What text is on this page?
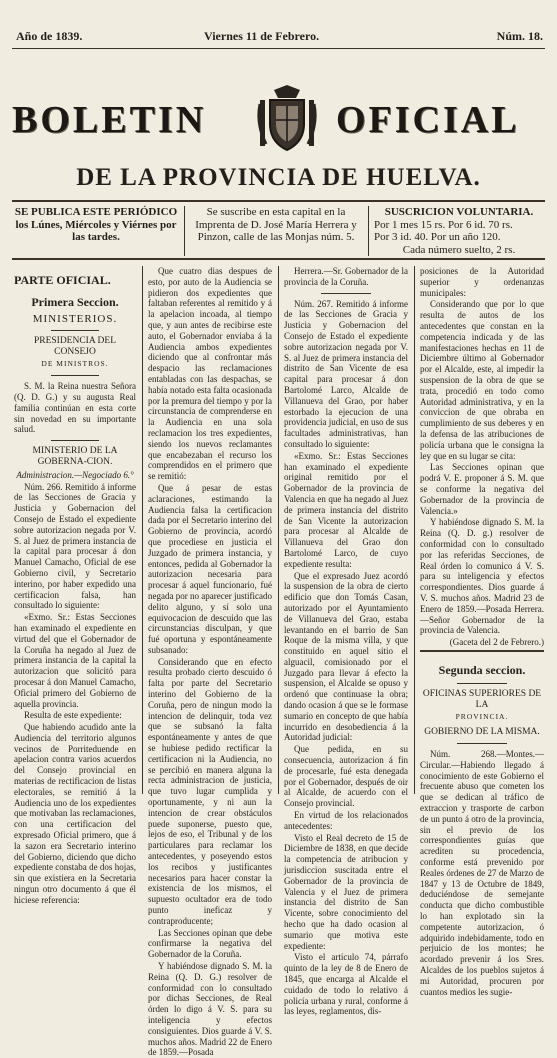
Año de 1839.	Viernes 11 de Febrero.	Núm. 18.
BOLETIN	OFICIAL
DE LA PROVINCIA DE HUELVA.
SE PUBLICA ESTE PERIÓDICO los Lúnes, Miércoles y Viérnes por las tardes.
Se suscribe en esta capital en la Imprenta de D. José María Herrera y Pinzon, calle de las Monjas núm. 5.
SUSCRICION VOLUNTARIA.
Por 1 mes 15 rs. Por 6 id. 70 rs.
Por 3 id. 40. Por un año 120.
Cada número suelto, 2 rs.
PARTE OFICIAL.
Primera Seccion.
MINISTERIOS.
PRESIDENCIA DEL CONSEJO
DE MINISTROS.

S. M. la Reina nuestra Señora (Q. D. G.) y su augusta Real familia continúan en esta corte sin novedad en su importante salud.

MINISTERIO DE LA GOBERNA-CION.

Administracion.—Negociado 6.°

Núm. 266. Remitido á informe de las Secciones de Gracia y Justicia y Gobernacion del Consejo de Estado el expediente sobre autorizacion negada por V. S. al Juez de primera instancia de la capital para procesar á don Manuel Camacho, Oficial de ese Gobierno civil, y Secretario interino, por haber expedido una certificacion falsa, han consultado lo siguiente:

«Exmo. Sr.: Estas Secciones han examinado el expediente en virtud del que el Gobernador de la Coruña ha negado al Juez de primera instancia de la capital la autorizacion que solicitó para procesar á don Manuel Camacho, Oficial primero del Gobierno de aquella provincia.

Resulta de este expediente:

Que habiendo acudido ante la Audiencia del territorio algunos vecinos de Porriteduende en apelacion contra varios acuerdos del Consejo provincial en materias de rectificacion de listas electorales, se remitió á la Audiencia uno de los expedientes que motivaban las reclamaciones, con una certificacion del expresado Oficial primero, que á la sazon era Secretario interino del Gobierno, diciendo que dicho expediente constaba de dos hojas, sin que existiera en la Secretaria ningun otro documento á que él hiciese referencia:

Que cuatro dias despues de esto, por auto de la Audiencia se pidieron dos expedientes que faltaban referentes al remitido y á la apelacion incoada, al tiempo que, y aun antes de recibirse este auto, el Gobernador enviaba á la Audiencia ambos expedientes diciendo que al confrontar más despacio las reclamaciones entabladas con las despachas, se había notado esta falta ocasionada por la premura del tiempo y por la circunstancia de comprenderse en la Audiencia en una sola reclamacion los tres expedientes, siendo los nuevos reclamantes que encabezaban el recurso los comprendidos en el primero que se remitió:

Que á pesar de estas aclaraciones, estimando la Audiencia falsa la certificacion dada por el Secretario interino del Gobierno de provincia, acordó que procediese en justicia el Juzgado de primera instancia, y entonces, pedida al Gobernador la autorizacion necesaria para procesar á aquel funcionario, fué negada por no aparecer justificado delito alguno, y sí solo una equivocacion de descuido que las circunstancias disculpan, y que fué oportuna y espontáneamente subsanado:

Considerando que en efecto resulta probado cierto descuido ó falta por parte del Secretario interino del Gobierno de la Coruña, pero de ningun modo la intencion de delinquir, toda vez que se subsanó la falta espontáneamente y antes de que se hubiese pedido rectificar la certificacion ni la Audiencia, no se percibió en manera alguna la recta administracion de justicia, que tuvo lugar cumplida y oportunamente, y ni aun la intencion de crear obstáculos puede suponerse, puesto que, lejos de eso, el Tribunal y de los particulares para reclamar los antecedentes, y poseyendo estos los recibos y justificantes necesarios para hacer constar la existencia de los mismos, el supuesto ocultador era de todo punto ineficaz y contraproducente;

Las Secciones opinan que debe confirmarse la negativa del Gobernador de la Coruña.

Y habiéndose dignado S. M. la Reina (Q. D. G.) resolver de conformidad con lo consultado por dichas Secciones, de Real órden lo digo á V. S. para su inteligencia y efectos consiguientes. Dios guarde á V. S. muchos años. Madrid 22 de Enero de 1859.—Posada

Herrera.—Sr. Gobernador de la provincia de la Coruña.

Núm. 267. Remitido á informe de las Secciones de Gracia y Justicia y Gobernacion del Consejo de Estado el expediente sobre autorizacion negada por V. S. al Juez de primera instancia del distrito de San Vicente de esa capital para procesar á don Bartolomé Larco, Alcalde de Villanueva del Grao, por haber estorbado la ejecucion de una providencia judicial, en uso de sus facultades administrativas, han consultado lo siguiente:

«Exmo. Sr.: Estas Secciones han examinado el expediente original remitido por el Gobernador de la provincia de Valencia en que ha negado al Juez de primera instancia del distrito de San Vicente la autorizacion para procesar al Alcalde de Villanueva del Grao don Bartolomé Larco, de cuyo expediente resulta:

Que el expresado Juez acordó la suspension de la obra de cierto edificio que don Tomás Casan, autorizado por el Ayuntamiento de Villanueva del Grao, estaba levantando en el barrio de San Roque de la misma villa, y que constituido en aquel sitio el alguacil, comisionado por el Juzgado para llevar á efecto la suspension, el Alcalde se opuso y ordenó que continuase la obra; dando ocasion á que se le formase sumario en concepto de que había incurrido en desobediencia á la Autoridad judicial:

Que pedida, en su consecuencia, autorizacion á fin de procesarle, fué esta denegada por el Gobernador, después de oir al Alcalde, de acuerdo con el Consejo provincial.

En virtud de los relacionados antecedentes:

Visto el Real decreto de 15 de Diciembre de 1838, en que decide la competencia de atribucion y jurisdiccion suscitada entre el Gobernador de la provincia de Valencia y el Juez de primera instancia del distrito de San Vicente, sobre conocimiento del hecho que ha dado ocasion al sumario que motiva este expediente:

Visto el artículo 74, párrafo quinto de la ley de 8 de Enero de 1845, que encarga al Alcalde el cuidado de todo lo relativo á policía urbana y rural, conforme á las leyes, reglamentos, dis-

posiciones de la Autoridad superior y ordenanzas municipales:

Considerando que por lo que resulta de autos de los antecedentes que constan en la competencia indicada y de las manifestaciones hechas en 11 de Diciembre último al Gobernador por el Alcalde, este, al impedir la suspension de la obra de que se trata, procedió en todo como Autoridad administrativa, y en la conviccion de que obraba en cumplimiento de sus deberes y en la defensa de las atribuciones de policía urbana que le consigna la ley que en su lugar se cita:

Las Secciones opinan que podrá V. E. proponer á S. M. que se conforme la negativa del Gobernador de la provincia de Valencia.»

Y habiéndose dignado S. M. la Reina (Q. D. g.) resolver de conformidad con lo consultado por las referidas Secciones, de Real órden lo comunico á V. S. para su inteligencia y efectos correspondientes. Dios guarde á V. S. muchos años. Madrid 23 de Enero de 1859.—Posada Herrera.—Señor Gobernador de la provincia de Valencia.

(Gaceta del 2 de Febrero.)

Segunda seccion.
OFICINAS SUPERIORES DE LA
PROVINCIA.
GOBIERNO DE LA MISMA.

Núm. 268.—Montes.—Circular.—Habiendo llegado á conocimiento de este Gobierno el frecuente abuso que cometen los que se dedican al tráfico de extraccion y trasporte de carbon de un punto á otro de la provincia, sin el previo de los correspondientes guías que acrediten su procedencia, conforme está prevenido por Reales órdenes de 27 de Marzo de 1847 y 13 de Octubre de 1849, deduciéndose de semejante conducta que dicho combustible lo han explotado sin la competente autorizacion, ó adquirido indebidamente, todo en perjuicio de los montes; he acordado prevenir á los Sres. Alcaldes de los pueblos sujetos á mi Autoridad, procuren por cuantos medios les sugie-
